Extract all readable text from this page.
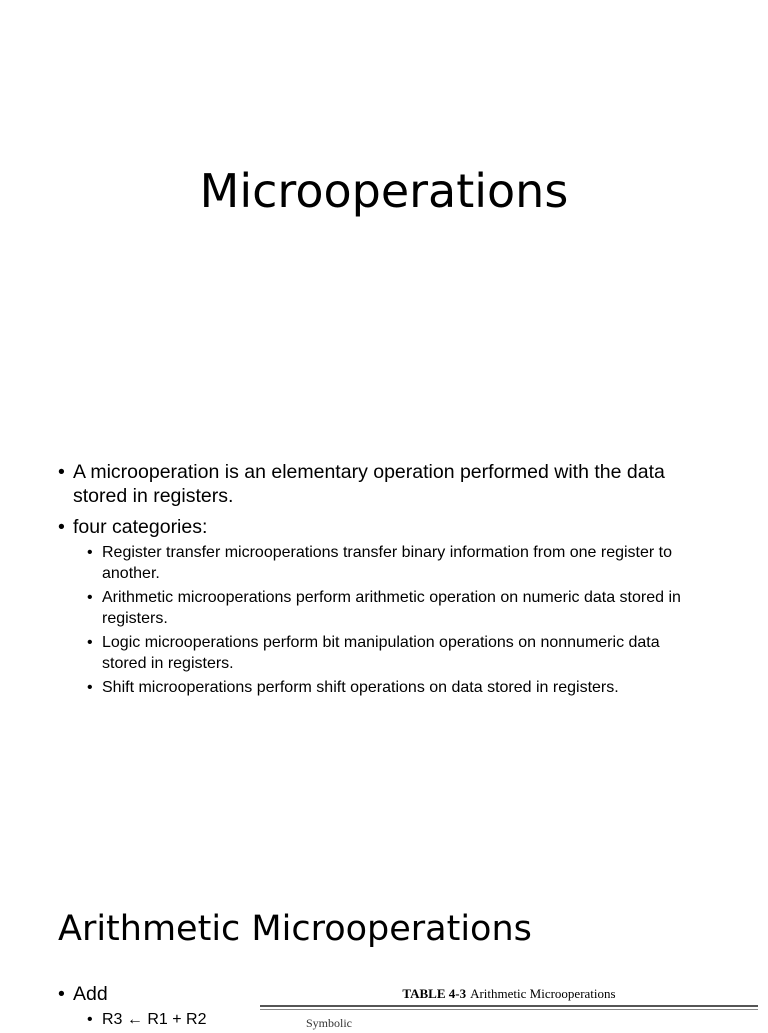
Microoperations
• A microoperation is an elementary operation performed with the data stored in registers.
• four categories:
• Register transfer microoperations transfer binary information from one register to another.
• Arithmetic microoperations perform arithmetic operation on numeric data stored in registers.
• Logic microoperations perform bit manipulation operations on nonnumeric data stored in registers.
• Shift microoperations perform shift operations on data stored in registers.
Arithmetic Microoperations
• Add
• R3 ← R1 + R2
TABLE 4-3 Arithmetic Microoperations
Symbolic
